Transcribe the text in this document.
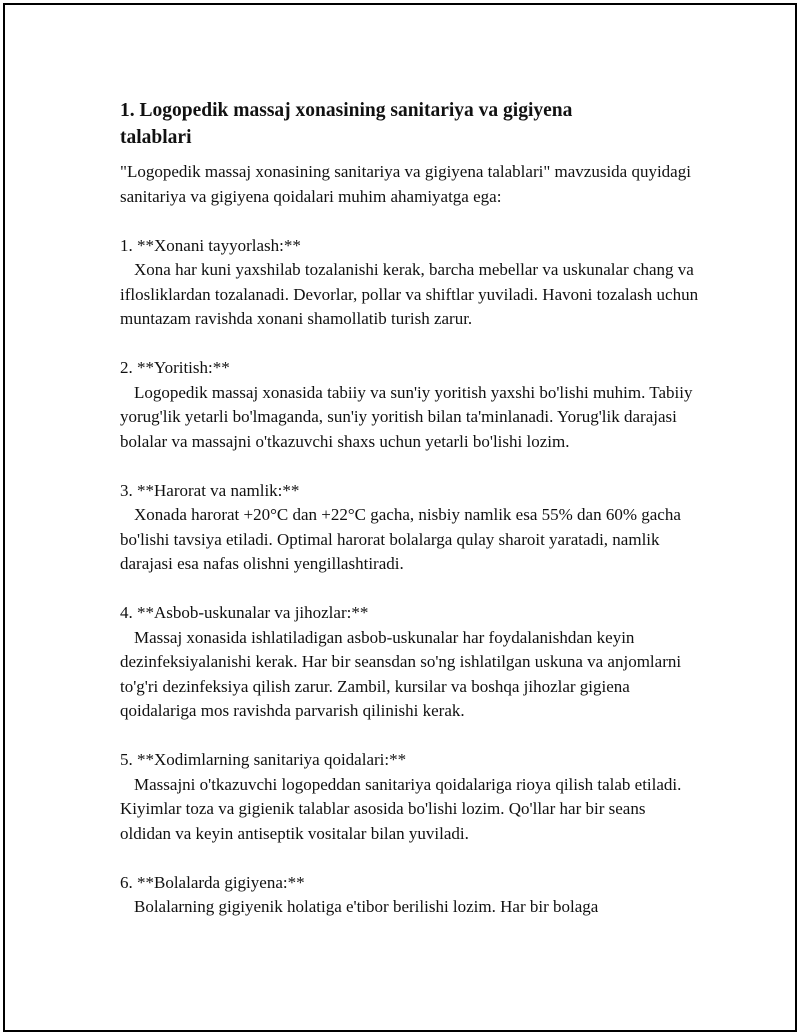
1. Logopedik massaj xonasining sanitariya va gigiyena
talablari

"Logopedik massaj xonasining sanitariya va gigiyena talablari" mavzusida quyidagi sanitariya va gigiyena qoidalari muhim ahamiyatga ega:

1. **Xonani tayyorlash:**
Xona har kuni yaxshilab tozalanishi kerak, barcha mebellar va uskunalar chang va iflosliklardan tozalanadi. Devorlar, pollar va shiftlar yuviladi. Havoni tozalash uchun muntazam ravishda xonani shamollatib turish zarur.
2. **Yoritish:**
Logopedik massaj xonasida tabiiy va sun'iy yoritish yaxshi bo'lishi muhim. Tabiiy yorug'lik yetarli bo'lmaganda, sun'iy yoritish bilan ta'minlanadi. Yorug'lik darajasi bolalar va massajni o'tkazuvchi shaxs uchun yetarli bo'lishi lozim.
3. **Harorat va namlik:**
Xonada harorat +20°C dan +22°C gacha, nisbiy namlik esa 55% dan 60% gacha bo'lishi tavsiya etiladi. Optimal harorat bolalarga qulay sharoit yaratadi, namlik darajasi esa nafas olishni yengillashtiradi.
4. **Asbob-uskunalar va jihozlar:**
Massaj xonasida ishlatiladigan asbob-uskunalar har foydalanishdan keyin dezinfeksiyalanishi kerak. Har bir seansdan so'ng ishlatilgan uskuna va anjomlarni to'g'ri dezinfeksiya qilish zarur. Zambil, kursilar va boshqa jihozlar gigiena qoidalariga mos ravishda parvarish qilinishi kerak.
5. **Xodimlarning sanitariya qoidalari:**
Massajni o'tkazuvchi logopeddan sanitariya qoidalariga rioya qilish talab etiladi. Kiyimlar toza va gigienik talablar asosida bo'lishi lozim. Qo'llar har bir seans oldidan va keyin antiseptik vositalar bilan yuviladi.
6. **Bolalarda gigiyena:**
Bolalarning gigiyenik holatiga e'tibor berilishi lozim. Har bir bolaga
